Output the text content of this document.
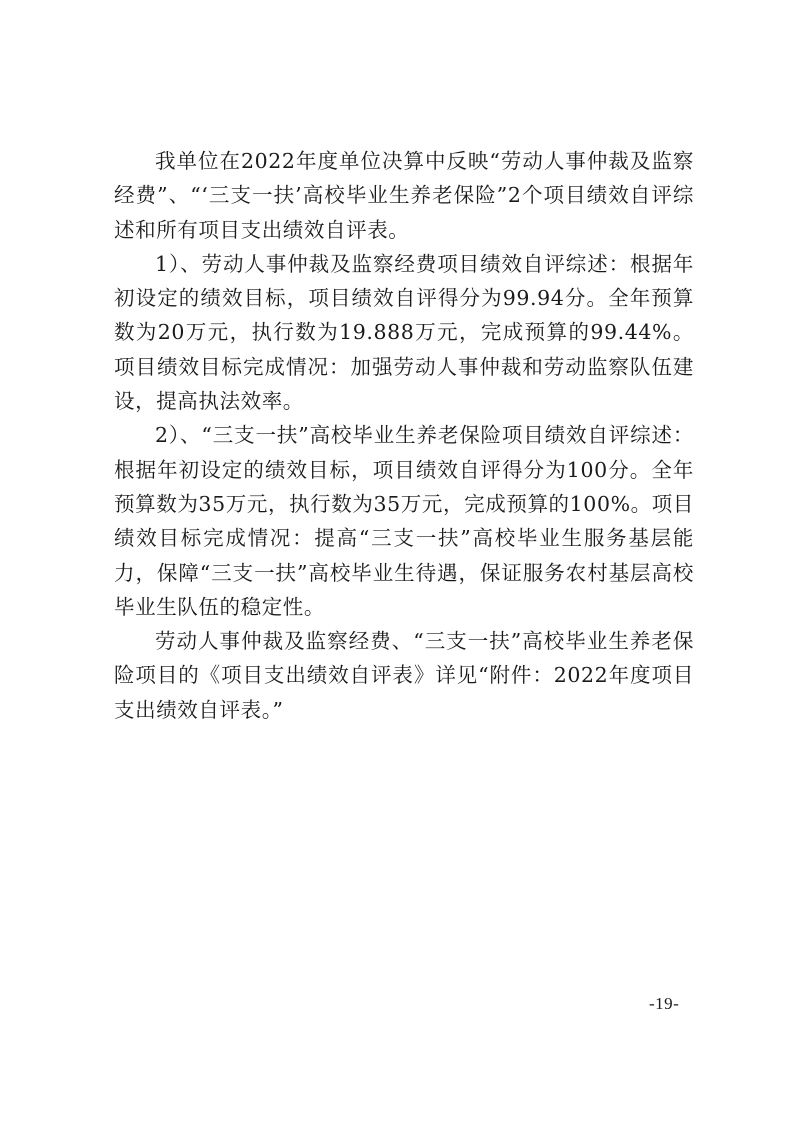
我单位在2022年度单位决算中反映“劳动人事仲裁及监察经费”、“‘三支一扶’高校毕业生养老保险”2个项目绩效自评综述和所有项目支出绩效自评表。

1）、劳动人事仲裁及监察经费项目绩效自评综述：根据年初设定的绩效目标，项目绩效自评得分为99.94分。全年预算数为20万元，执行数为19.888万元，完成预算的99.44%。项目绩效目标完成情况：加强劳动人事仲裁和劳动监察队伍建设，提高执法效率。

2）、“三支一扶”高校毕业生养老保险项目绩效自评综述：根据年初设定的绩效目标，项目绩效自评得分为100分。全年预算数为35万元，执行数为35万元，完成预算的100%。项目绩效目标完成情况：提高“三支一扶”高校毕业生服务基层能力，保障“三支一扶”高校毕业生待遇，保证服务农村基层高校毕业生队伍的稳定性。

劳动人事仲裁及监察经费、“三支一扶”高校毕业生养老保险项目的《项目支出绩效自评表》详见“附件：2022年度项目支出绩效自评表。”

-19-
